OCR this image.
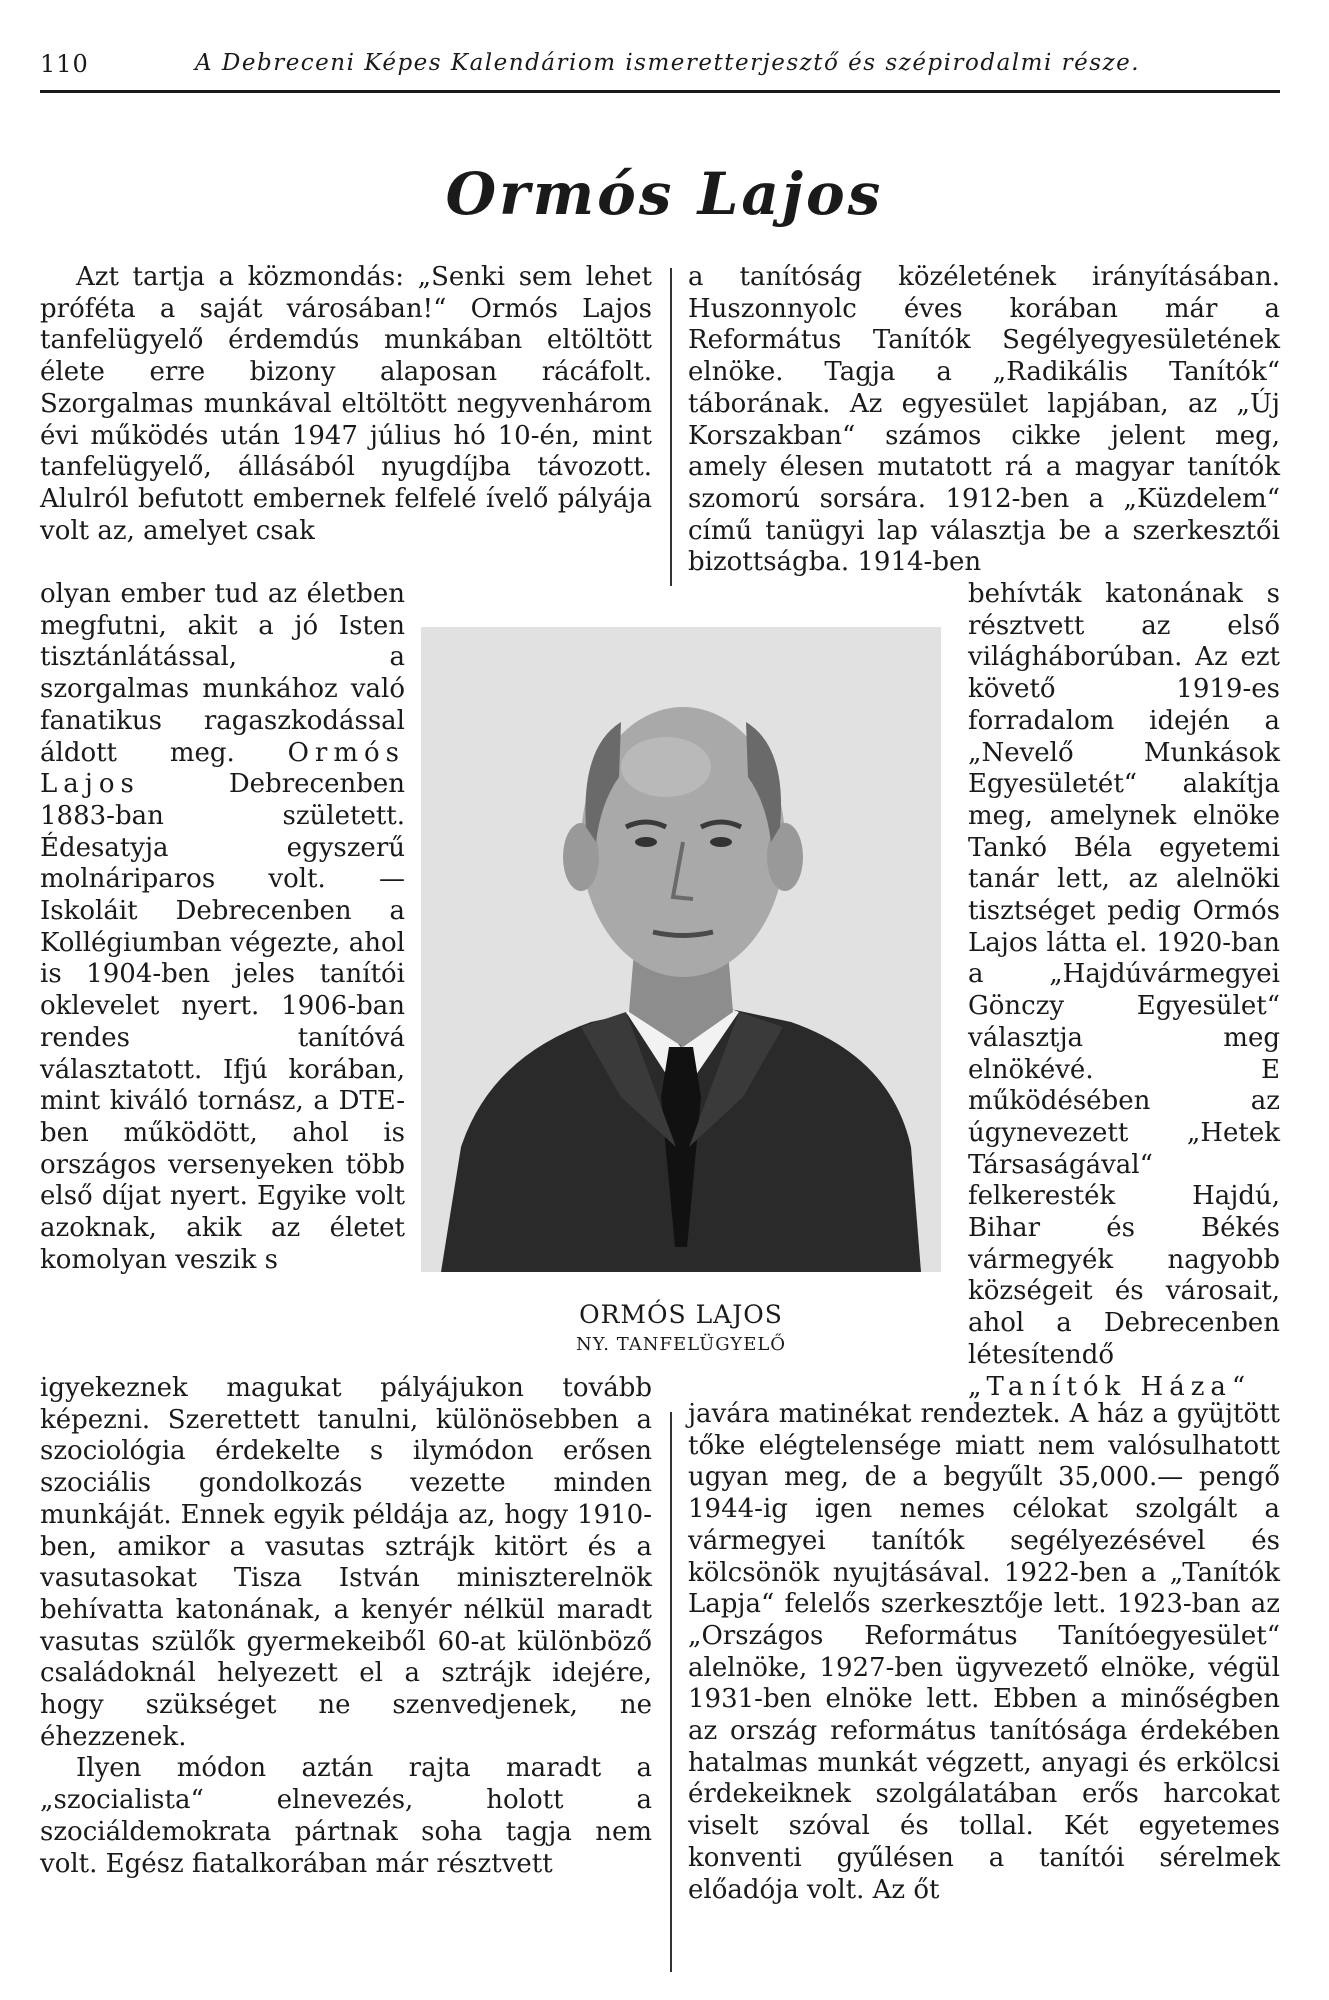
110	A Debreceni Képes Kalendáriom ismeretterjesztő és szépirodalmi része.
Ormós Lajos

Azt tartja a közmondás: „Senki sem lehet próféta a saját városában!“ Ormós Lajos tanfelügyelő érdemdús munkában eltöltött élete erre bizony alaposan rácáfolt. Szorgalmas munkával eltöltött negyvenhárom évi működés után 1947 július hó 10-én, mint tanfelügyelő, állásából nyugdíjba távozott. Alulról befutott embernek felfelé ívelő pályája volt az, amelyet csak

a tanítóság közéletének irányításában. Huszonnyolc éves korában már a Református Tanítók Segélyegyesületének elnöke. Tagja a „Radikális Tanítók“ táborának. Az egyesület lapjában, az „Új Korszakban“ számos cikke jelent meg, amely élesen mutatott rá a magyar tanítók szomorú sorsára. 1912-ben a „Küzdelem“ című tanügyi lap választja be a szerkesztői bizottságba. 1914-ben

olyan ember tud az életben megfutni, akit a jó Isten tisztánlátással, a szorgalmas munkához való fanatikus ragaszkodással áldott meg. Ormós Lajos	Debrecenben 1883-ban született. Édesatyja egyszerű molnáriparos volt. — Iskoláit Debrecenben a Kollégiumban végezte, ahol is 1904-ben jeles tanítói oklevelet nyert. 1906-ban rendes tanítóvá választatott. Ifjú korában, mint kiváló tornász, a DTE-ben működött, ahol is országos versenyeken több első díjat nyert. Egyike volt azoknak, akik az életet komolyan veszik s

ORMÓS LAJOS
NY. TANFELÜGYELŐ

behívták katonának s résztvett az első világháborúban. Az ezt követő 1919-es forradalom idején a „Nevelő Munkások Egyesületét“ alakítja meg, amelynek elnöke Tankó Béla egyetemi tanár lett, az alelnöki tisztséget pedig Ormós Lajos látta el. 1920-ban a „Hajdúvármegyei Gönczy Egyesület“ választja meg elnökévé. E működésében az úgynevezett „Hetek Társaságával“ felkeresték Hajdú, Bihar és Békés vármegyék nagyobb községeit és városait, ahol a Debrecenben létesítendő „Tanítók Háza“

igyekeznek magukat pályájukon tovább képezni. Szerettett tanulni, különösebben a szociológia érdekelte s ilymódon erősen szociális gondolkozás vezette minden munkáját. Ennek egyik példája az, hogy 1910-ben, amikor a vasutas sztrájk kitört és a vasutasokat Tisza István miniszterelnök behívatta katonának, a kenyér nélkül maradt vasutas szülők gyermekeiből 60-at különböző családoknál helyezett el a sztrájk idejére, hogy szükséget ne szenvedjenek, ne éhezzenek.

Ilyen módon aztán rajta maradt a „szocialista“ elnevezés, holott a szociáldemokrata pártnak soha tagja nem volt. Egész fiatalkorában már résztvett

javára matinékat rendeztek. A ház a gyüjtött tőke elégtelensége miatt nem valósulhatott ugyan meg, de a begyűlt 35,000.— pengő 1944-ig igen nemes célokat szolgált a vármegyei tanítók segélyezésével és kölcsönök nyujtásával. 1922-ben a „Tanítók Lapja“ felelős szerkesztője lett. 1923-ban az „Országos Református Tanítóegyesület“ alelnöke, 1927-ben ügyvezető elnöke, végül 1931-ben elnöke lett. Ebben a minőségben az ország református tanítósága érdekében hatalmas munkát végzett, anyagi és erkölcsi érdekeiknek szolgálatában erős harcokat viselt szóval és tollal. Két egyetemes konventi gyűlésen a tanítói sérelmek előadója volt. Az őt
